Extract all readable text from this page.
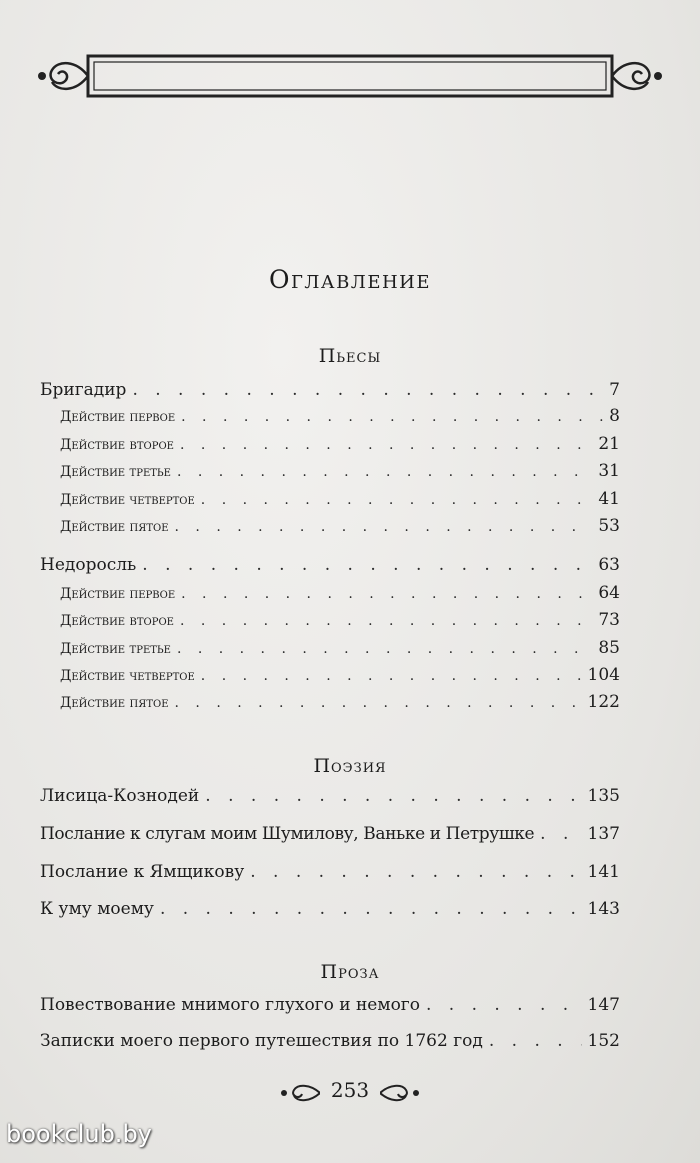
Оглавление
Пьесы
Бригадир . . .	7
Действие первое . . .	8
Действие второе . . .	21
Действие третье . . .	31
Действие четвертое . . .	41
Действие пятое . . .	53
Недоросль . . .	63
Действие первое . . .	64
Действие второе . . .	73
Действие третье . . .	85
Действие четвертое . . .	104
Действие пятое . . .	122
Поэзия
Лисица-Кознодей . . .	135
Послание к слугам моим Шумилову, Ваньке и Петрушке . . .	137
Послание к Ямщикову . . .	141
К уму моему . . .	143
Проза
Повествование мнимого глухого и немого . . .	147
Записки моего первого путешествия по 1762 год . . .	152
253
bookclub.by
